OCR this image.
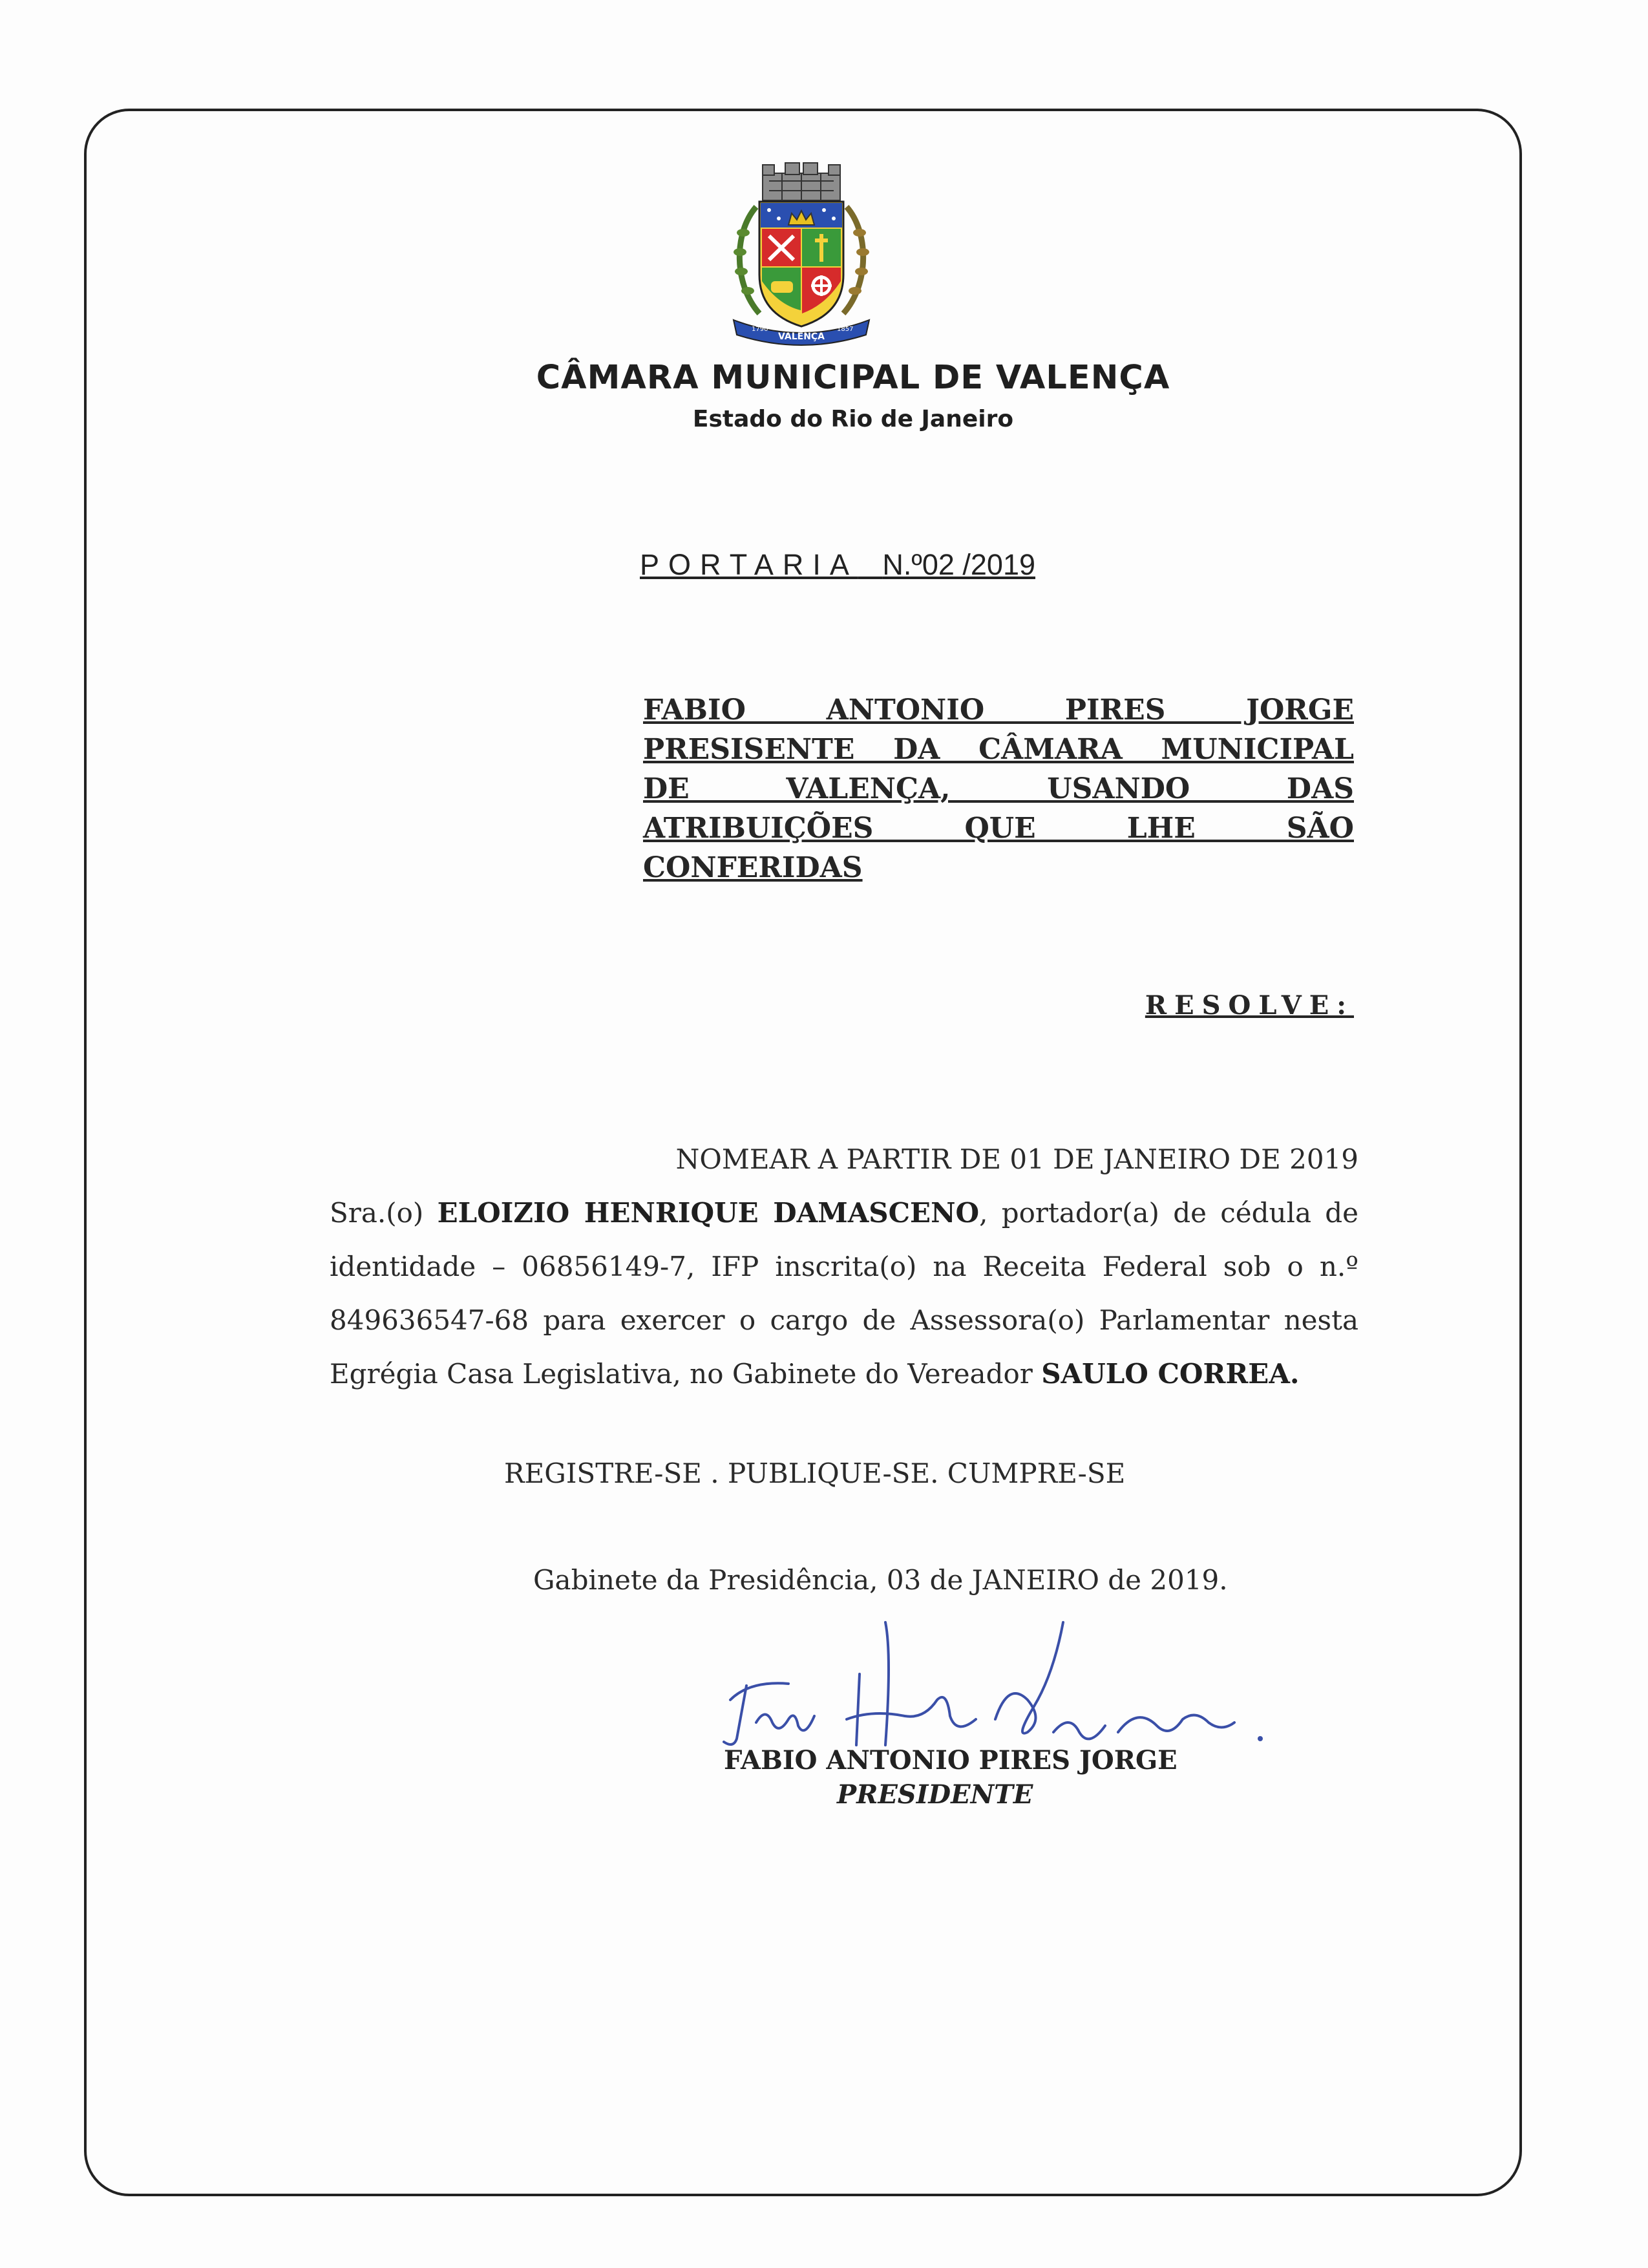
VALENÇA
1790	1857
CÂMARA MUNICIPAL DE VALENÇA
Estado do Rio de Janeiro
PORTARIA N.º02 /2019
FABIO ANTONIO PIRES JORGE
PRESISENTE DA CÂMARA MUNICIPAL
DE VALENÇA, USANDO DAS
ATRIBUIÇÕES QUE LHE SÃO
CONFERIDAS
RESOLVE:
NOMEAR A PARTIR DE 01 DE JANEIRO DE 2019
Sra.(o) ELOIZIO HENRIQUE DAMASCENO, portador(a) de cédula de identidade – 06856149-7, IFP inscrita(o) na Receita Federal sob o n.º 849636547-68 para exercer o cargo de Assessora(o) Parlamentar nesta Egrégia Casa Legislativa, no Gabinete do Vereador SAULO CORREA.
REGISTRE-SE . PUBLIQUE-SE. CUMPRE-SE
Gabinete da Presidência, 03 de JANEIRO de 2019.
FABIO ANTONIO PIRES JORGE
PRESIDENTE
